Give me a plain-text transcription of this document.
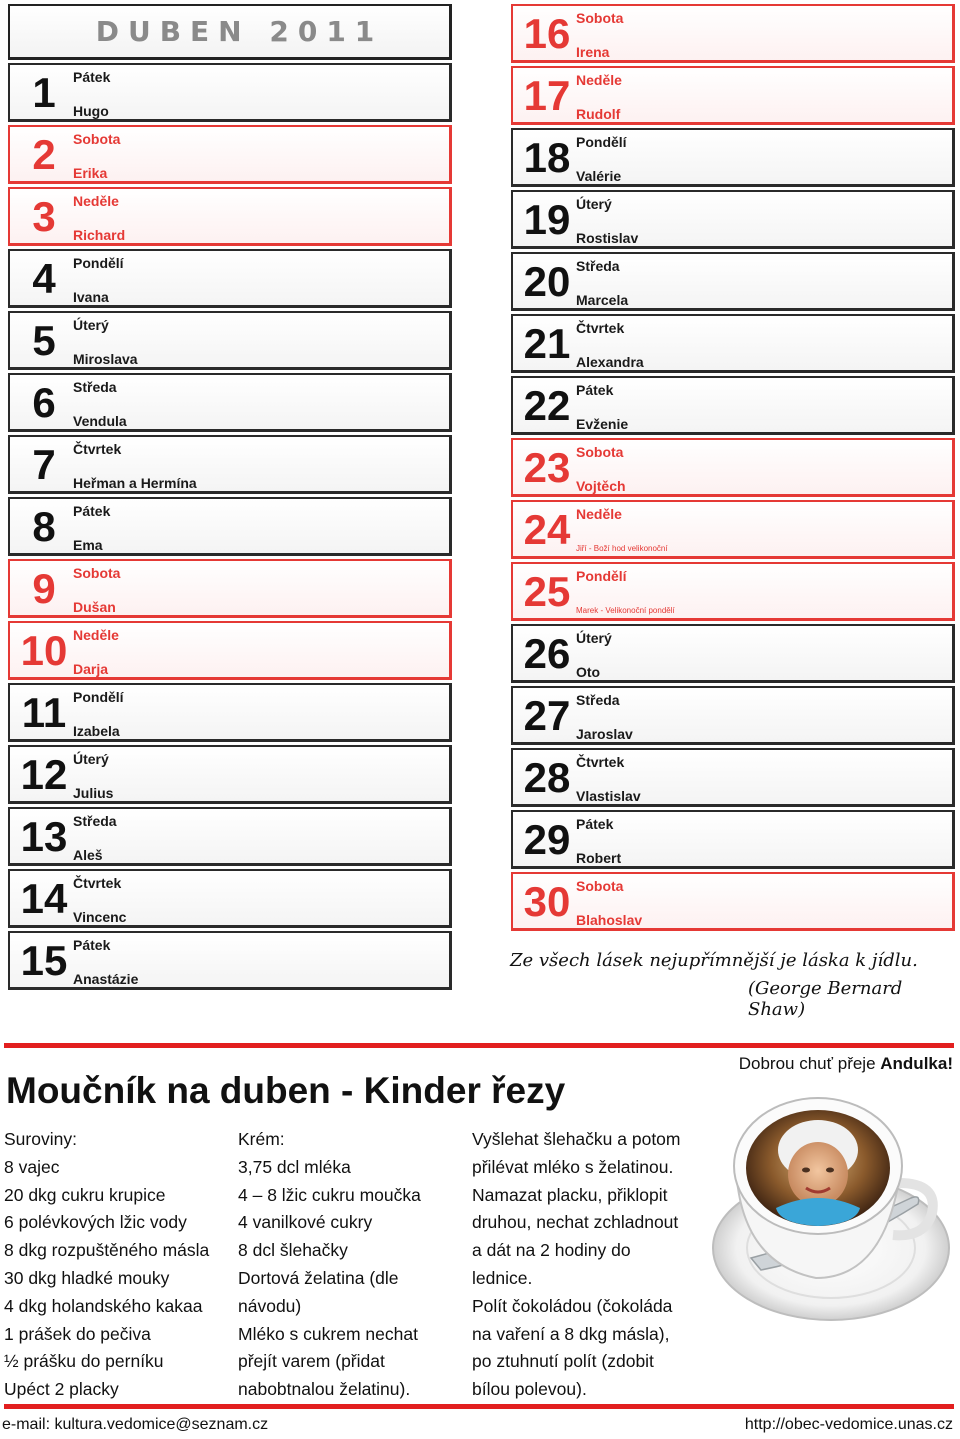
DUBEN 2011
1	Pátek
Hugo
2	Sobota
Erika
3	Neděle
Richard
4	Pondělí
Ivana
5	Úterý
Miroslava
6	Středa
Vendula
7	Čtvrtek
Heřman a Hermína
8	Pátek
Ema
9	Sobota
Dušan
10 Neděle
Darja
11 Pondělí
Izabela
12 Úterý
Julius
13 Středa
Aleš
14 Čtvrtek
Vincenc
15 Pátek
Anastázie
16 Sobota
Irena
17 Neděle
Rudolf
18 Pondělí
Valérie
19 Úterý
Rostislav
20 Středa
Marcela
21 Čtvrtek
Alexandra
22 Pátek
Evženie
23 Sobota
Vojtěch
24 Neděle
Jiří - Boží hod velikonoční
25 Pondělí
Marek - Velikonoční pondělí
26 Úterý
Oto
27 Středa
Jaroslav
28 Čtvrtek
Vlastislav
29 Pátek
Robert
30 Sobota
Blahoslav
Ze všech lásek nejupřímnější je láska k jídlu.
(George Bernard Shaw)
Dobrou chuť přeje Andulka!
Moučník na duben - Kinder řezy
Suroviny:
8 vajec
20 dkg cukru krupice
6 polévkových lžic vody
8 dkg rozpuštěného másla
30 dkg hladké mouky
4 dkg holandského kakaa
1 prášek do pečiva
½ prášku do perníku
Upéct 2 placky
Krém:
3,75 dcl mléka
4 – 8 lžic cukru moučka
4 vanilkové cukry
8 dcl šlehačky
Dortová želatina (dle
návodu)
Mléko s cukrem nechat
přejít varem (přidat
nabobtnalou želatinu).
Vyšlehat šlehačku a potom
přilévat mléko s želatinou.
Namazat placku, přiklopit
druhou, nechat zchladnout
a dát na 2 hodiny do
lednice.
Polít čokoládou (čokoláda
na vaření a 8 dkg másla),
po ztuhnutí polít (zdobit
bílou polevou).
e-mail: kultura.vedomice@seznam.cz	http://obec-vedomice.unas.cz
